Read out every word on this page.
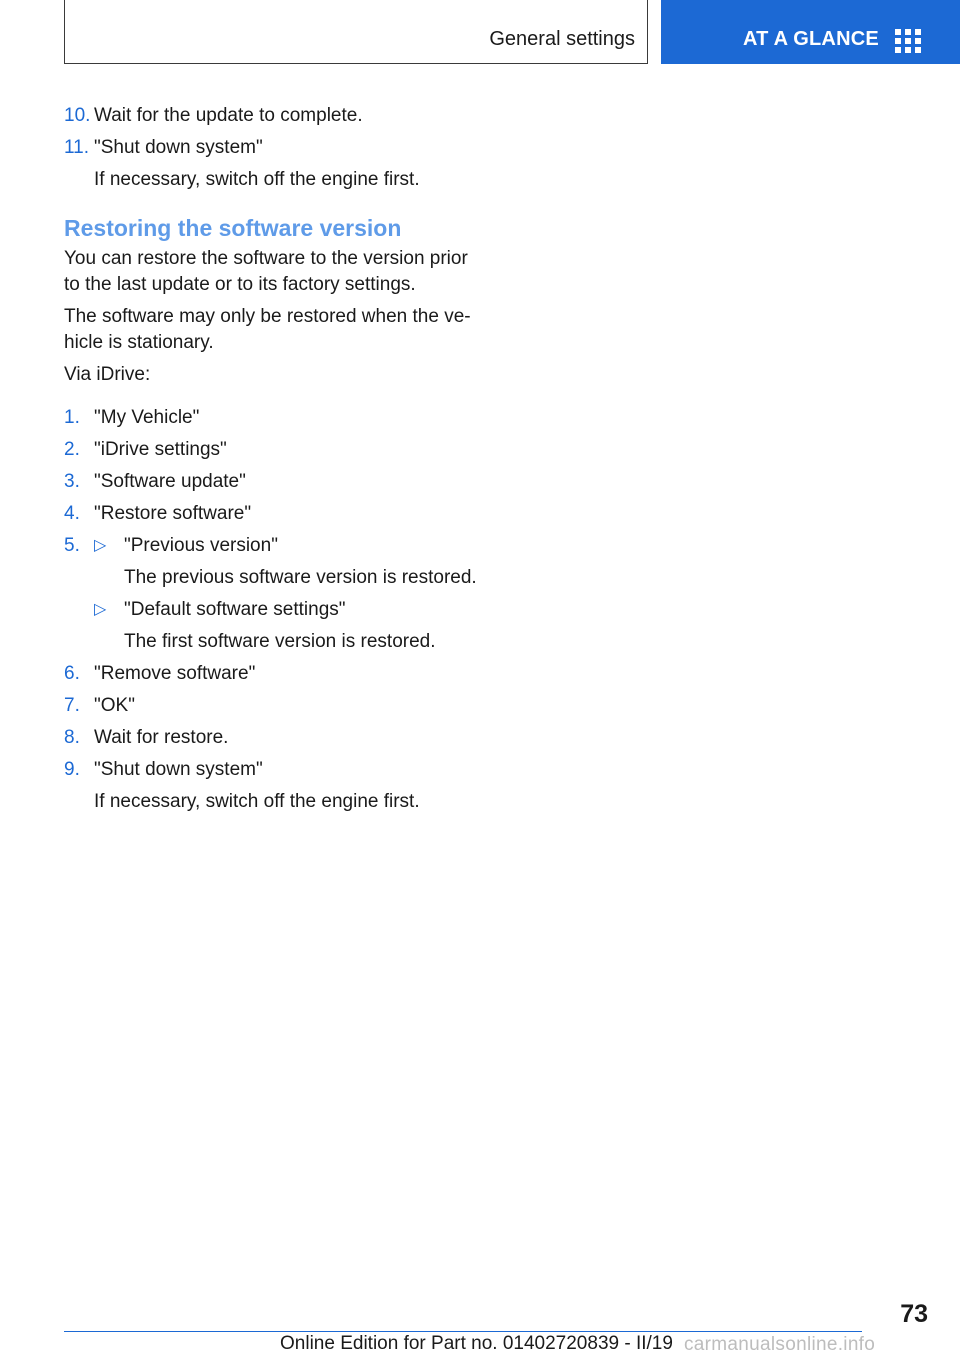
General settings	AT A GLANCE
10. Wait for the update to complete.
11. "Shut down system"
If necessary, switch off the engine first.
Restoring the software version
You can restore the software to the version prior
to the last update or to its factory settings.
The software may only be restored when the ve-
hicle is stationary.
Via iDrive:
1. "My Vehicle"
2. "iDrive settings"
3. "Software update"
4. "Restore software"
5. ▷ "Previous version"
The previous software version is restored.
▷ "Default software settings"
The first software version is restored.
6. "Remove software"
7. "OK"
8. Wait for restore.
9. "Shut down system"
If necessary, switch off the engine first.
73
Online Edition for Part no. 01402720839 - II/19 carmanualsonline.info
